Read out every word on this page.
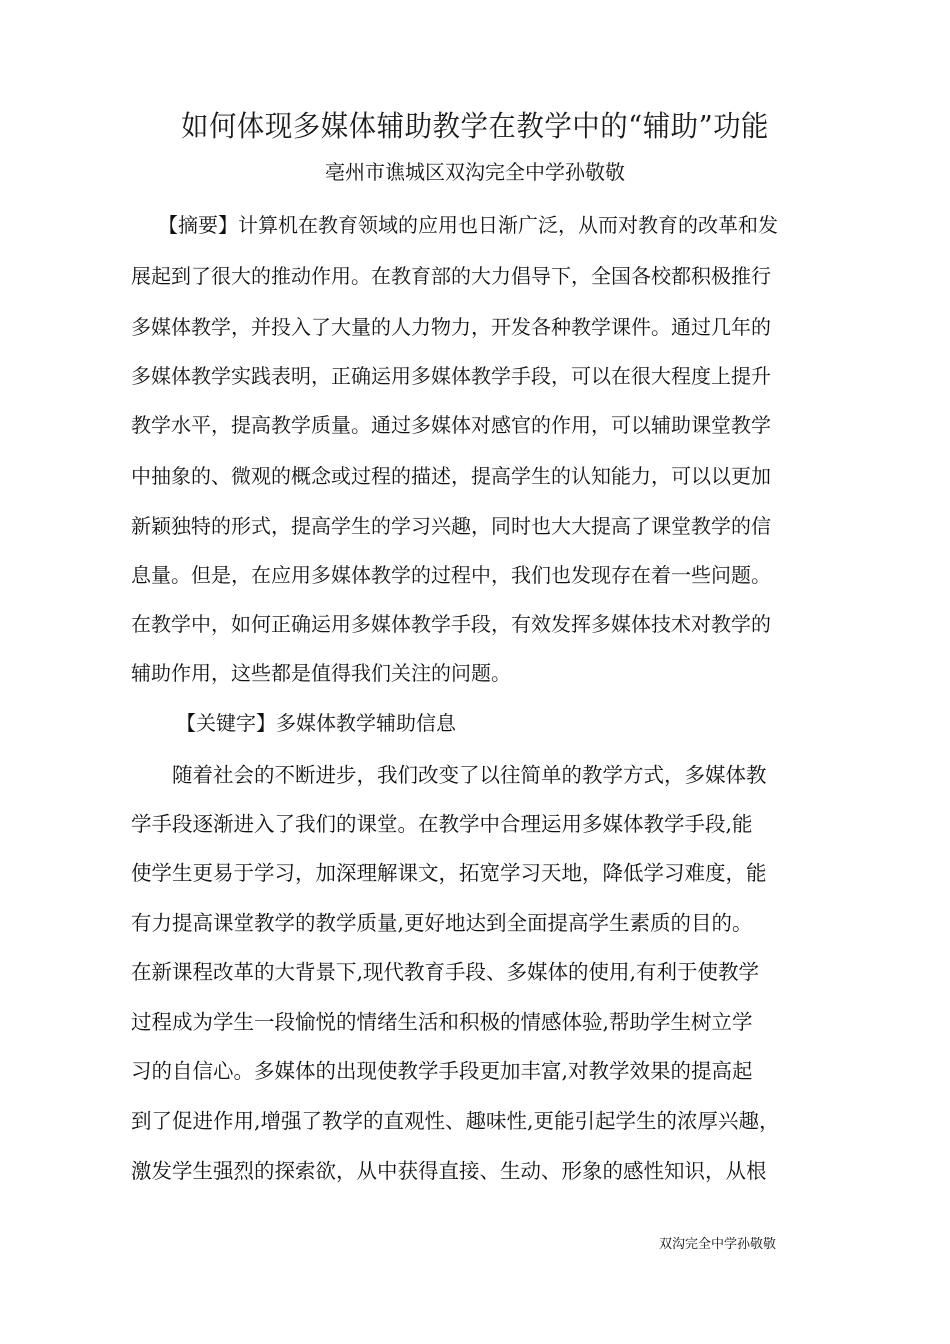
如何体现多媒体辅助教学在教学中的“辅助”功能
亳州市谯城区双沟完全中学孙敬敬
【摘要】计算机在教育领域的应用也日渐广泛，从而对教育的改革和发
展起到了很大的推动作用。在教育部的大力倡导下，全国各校都积极推行
多媒体教学，并投入了大量的人力物力，开发各种教学课件。通过几年的
多媒体教学实践表明，正确运用多媒体教学手段，可以在很大程度上提升
教学水平，提高教学质量。通过多媒体对感官的作用，可以辅助课堂教学
中抽象的、微观的概念或过程的描述，提高学生的认知能力，可以以更加
新颖独特的形式，提高学生的学习兴趣，同时也大大提高了课堂教学的信
息量。但是，在应用多媒体教学的过程中，我们也发现存在着一些问题。
在教学中，如何正确运用多媒体教学手段，有效发挥多媒体技术对教学的
辅助作用，这些都是值得我们关注的问题。
【关键字】多媒体教学辅助信息
随着社会的不断进步，我们改变了以往简单的教学方式，多媒体教
学手段逐渐进入了我们的课堂。在教学中合理运用多媒体教学手段,能
使学生更易于学习，加深理解课文，拓宽学习天地，降低学习难度，能
有力提高课堂教学的教学质量,更好地达到全面提高学生素质的目的。
在新课程改革的大背景下,现代教育手段、多媒体的使用,有利于使教学
过程成为学生一段愉悦的情绪生活和积极的情感体验,帮助学生树立学
习的自信心。多媒体的出现使教学手段更加丰富,对教学效果的提高起
到了促进作用,增强了教学的直观性、趣味性,更能引起学生的浓厚兴趣，
激发学生强烈的探索欲，从中获得直接、生动、形象的感性知识，从根
双沟完全中学孙敬敬
